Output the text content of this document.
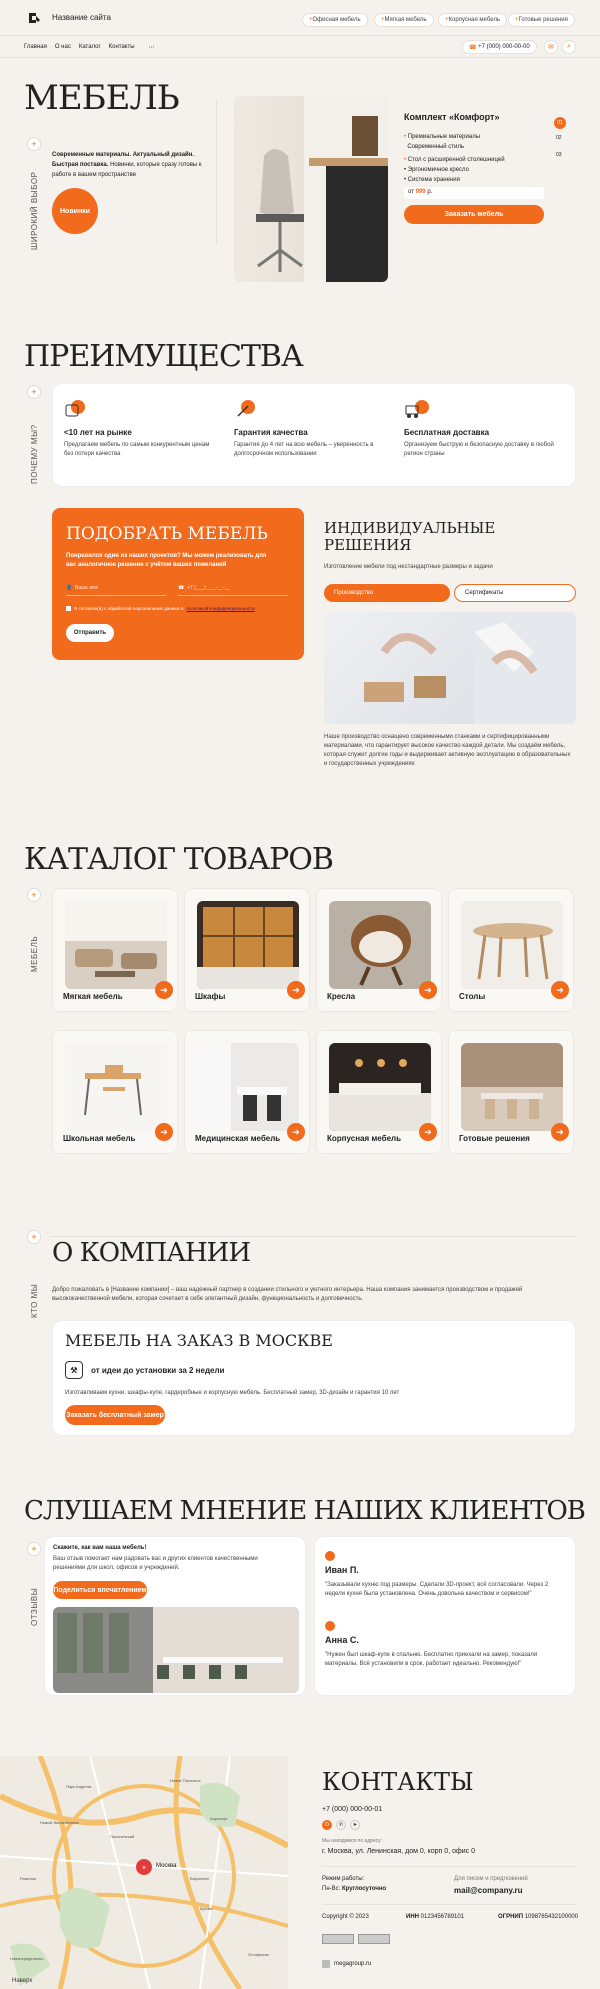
Название сайта	+ Офисная мебель	+ Мягкая мебель	+ Корпусная мебель	+ Готовые решения
Главная О нас Каталог Контакты ⋯	☎ +7 (000) 000-00-00	✉	⌕
МЕБЕЛЬ
+
ШИРОКИЙ ВЫБОР
Современные материалы. Актуальный дизайн.
Быстрая поставка. Новинки, которые сразу готовы к работе в вашем пространстве
Новинки
Комплект «Комфорт»
• Премиальные материалы
Современный стиль
• Стол с расширенной столешницей
• Эргономичное кресло
• Система хранения
01
02
03
от 999 р.
Заказать мебель
ПРЕИМУЩЕСТВА
+
ПОЧЕМУ МЫ?	<10 лет на рынке
Предлагаем мебель по самым конкурентным ценам без потери качества
Гарантия качества
Гарантия до 4 лет на всю мебель – уверенность в долгосрочном использовании
Бесплатная доставка
Организуем быструю и безопасную доставку в любой регион страны
ПОДОБРАТЬ МЕБЕЛЬ
Понравился один из наших проектов? Мы можем реализовать для вас аналогичное решение с учётом ваших пожеланий
👤 Ваше имя	☎ +7 (___) ___-__-__
Я согласен(а) с обработкой персональных данных в политикой конфиденциальности
Отправить
ИНДИВИДУАЛЬНЫЕ РЕШЕНИЯ
Изготовление мебели под нестандартные размеры и задачи
Производство	Сертификаты
Наше производство оснащено современными станками и сертифицированными материалами, что гарантирует высокое качество каждой детали. Мы создаём мебель, которая служит долгие годы и выдерживает активную эксплуатацию в образовательных и государственных учреждениях
КАТАЛОГ ТОВАРОВ
+
МЕБЕЛЬ
➔
Мягкая мебель
➔
Шкафы
➔
Кресла
➔
Столы
➔
Школьная мебель
➔
Медицинская мебель
➔
Корпусная мебель
➔
Готовые решения
+
О КОМПАНИИ
КТО МЫ Добро пожаловать в [Название компании] – ваш надежный партнер в создании стильного и уютного интерьера. Наша компания занимается производством и продажей высококачественной мебели, которая сочетает в себе элегантный дизайн, функциональность и долговечность.
МЕБЕЛЬ НА ЗАКАЗ В МОСКВЕ
⚒	от идеи до установки за 2 недели
Изготавливаем кухни, шкафы-купе, гардеробные и корпусную мебель. Бесплатный замер, 3D-дизайн и гарантия 10 лет
Заказать бесплатный замер
СЛУШАЕМ МНЕНИЕ НАШИХ КЛИЕНТОВ
+
ОТЗЫВЫ
Скажите, как вам наша мебель!
Ваш отзыв помогает нам радовать вас и других клиентов качественными решениями для школ, офисов и учреждений.
Поделиться впечатлением
Иван П.
"Заказывали кухню под размеры. Сделали 3D-проект, всё согласовали. Через 2 недели кухня была установлена. Очень довольна качеством и сервисом!"
Анна С.
"Нужен был шкаф-купе в спальню. Бесплатно приехали на замер, показали материалы. Всё установили в срок, работает идеально. Рекомендую!"
+	Москва
Парк Кадетов
Новое Пасечное
Новый Жилкомплекс
Аэропорт
Бутово
Остафьево
Пресненский
Раменки	Бирюлево
Новопеределкино
Наверх
КОНТАКТЫ
+7 (000) 000-00-01
О	✆	➤
Мы находимся по адресу:
г. Москва, ул. Ленинская, дом 0, корп 0, офис 0
Режим работы:
Пн-Вс: Круглосуточно
Для писем и предложений
mail@company.ru
Copyright © 2023	ИНН 0123456789101	ОГРНИП 1098765432100000
megagroup.ru
